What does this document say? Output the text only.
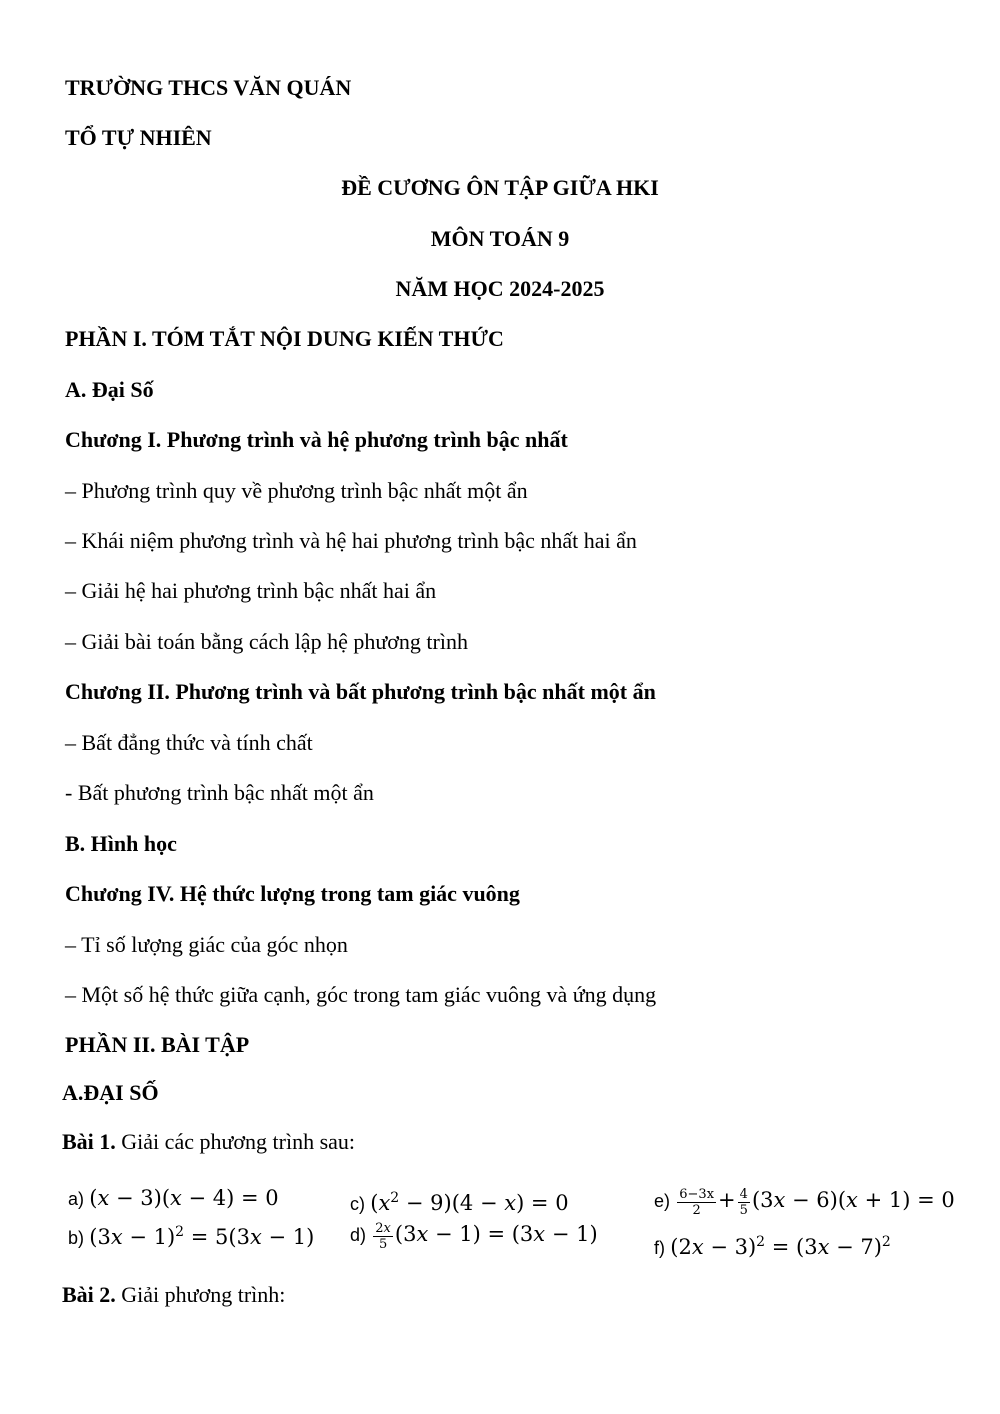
TRƯỜNG THCS VĂN QUÁN
TỔ TỰ NHIÊN
ĐỀ CƯƠNG ÔN TẬP GIỮA HKI
MÔN TOÁN 9
NĂM HỌC 2024-2025
PHẦN I. TÓM TẮT NỘI DUNG KIẾN THỨC
A. Đại Số
Chương I. Phương trình và hệ phương trình bậc nhất
– Phương trình quy về phương trình bậc nhất một ẩn
– Khái niệm phương trình và hệ hai phương trình bậc nhất hai ẩn
– Giải hệ hai phương trình bậc nhất hai ẩn
– Giải bài toán bằng cách lập hệ phương trình
Chương II. Phương trình và bất phương trình bậc nhất một ẩn
– Bất đẳng thức và tính chất
- Bất phương trình bậc nhất một ẩn
B. Hình học
Chương IV. Hệ thức lượng trong tam giác vuông
– Tỉ số lượng giác của góc nhọn
– Một số hệ thức giữa cạnh, góc trong tam giác vuông và ứng dụng
PHẦN II. BÀI TẬP
A.ĐẠI SỐ
Bài 1. Giải các phương trình sau:
a) (x − 3)(x − 4) = 0
b) $(3x - 1)^2 = 5(3x - 1)$
c) $(x^2 - 9)(4 - x) = 0$
$d) \frac{2x}{5} (3x - 1) = (3x - 1)$
$e) \frac{6-3x}{2} + \frac{4}{5} (3x - 6)(x + 1) = 0$
f) $(2x - 3)^2 = (3x - 7)^2$
Bài 2. Giải phương trình:
